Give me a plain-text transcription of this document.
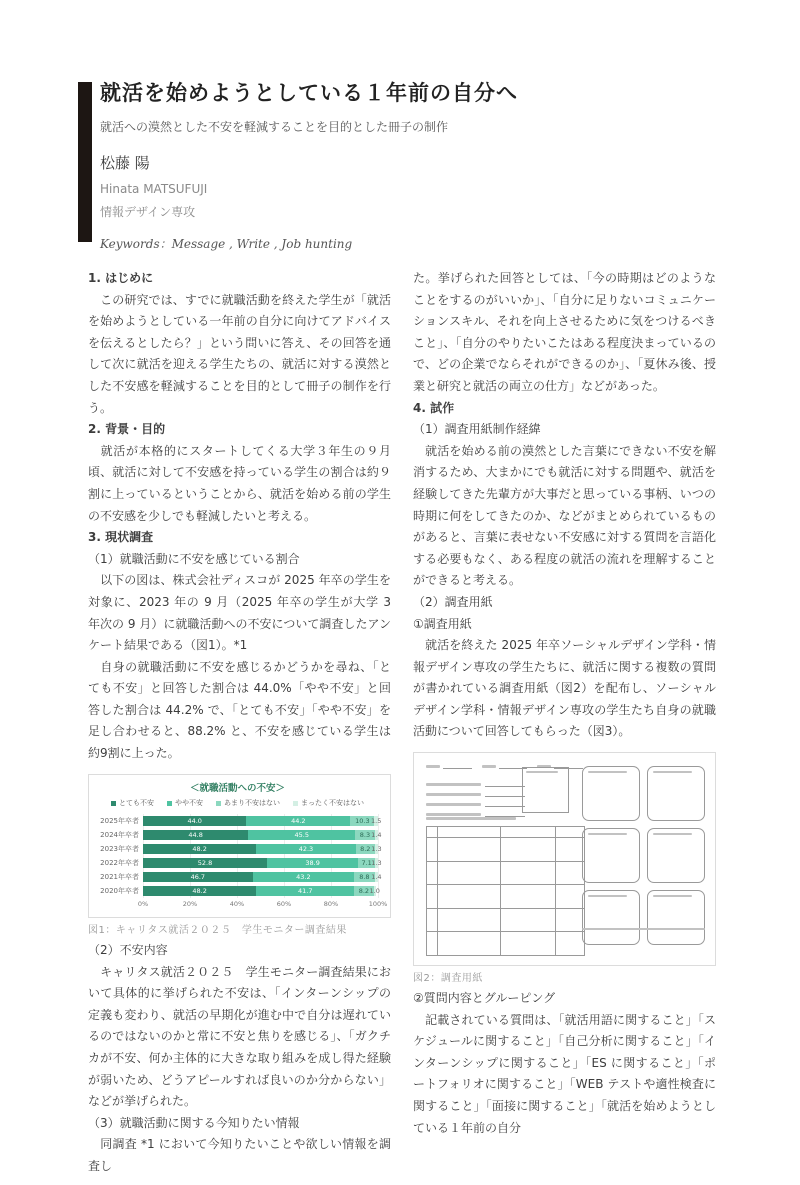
就活を始めようとしている１年前の自分へ
就活への漠然とした不安を軽減することを目的とした冊子の制作
松藤 陽
Hinata MATSUFUJI
情報デザイン専攻
Keywords：Message , Write , Job hunting

1. はじめに

　この研究では、すでに就職活動を終えた学生が「就活を始めようとしている一年前の自分に向けてアドバイスを伝えるとしたら？」という問いに答え、その回答を通して次に就活を迎える学生たちの、就活に対する漠然とした不安感を軽減することを目的として冊子の制作を行う。

2. 背景・目的

　就活が本格的にスタートしてくる大学３年生の９月頃、就活に対して不安感を持っている学生の割合は約９割に上っているということから、就活を始める前の学生の不安感を少しでも軽減したいと考える。

3. 現状調査

（1）就職活動に不安を感じている割合

　以下の図は、株式会社ディスコが 2025 年卒の学生を対象に、2023 年の 9 月（2025 年卒の学生が大学 3 年次の 9 月）に就職活動への不安について調査したアンケート結果である（図1）。*1

　自身の就職活動に不安を感じるかどうかを尋ね、「とても不安」と回答した割合は 44.0%「やや不安」と回答した割合は 44.2% で、「とても不安」「やや不安」を足し合わせると、88.2% と、不安を感じている学生は約9割に上った。

＜就職活動への不安＞
とても不安	やや不安	あまり不安はない	まったく不安はない
2025年卒者	44.0	44.2	10.3 1.5
2024年卒者	44.8	45.5	8.3 1.4
2023年卒者	48.2	42.3	8.2 1.3
2022年卒者	52.8	38.9	7.1 1.3
2021年卒者	46.7	43.2	8.8 1.4
2020年卒者	48.2	41.7	8.2 1.0
0%	20%	40%	60%	80%	100%
図1：キャリタス就活２０２５　学生モニター調査結果

（2）不安内容

　キャリタス就活２０２５　学生モニター調査結果において具体的に挙げられた不安は、「インターンシップの定義も変わり、就活の早期化が進む中で自分は遅れているのではないのかと常に不安と焦りを感じる」、「ガクチカが不安、何か主体的に大きな取り組みを成し得た経験が弱いため、どうアピールすれば良いのか分からない」などが挙げられた。

（3）就職活動に関する今知りたい情報

　同調査 *1 において今知りたいことや欲しい情報を調査し

た。挙げられた回答としては、「今の時期はどのようなことをするのがいいか」、「自分に足りないコミュニケーションスキル、それを向上させるために気をつけるべきこと」、「自分のやりたいこたはある程度決まっているので、どの企業でならそれができるのか」、「夏休み後、授業と研究と就活の両立の仕方」などがあった。

4. 試作

（1）調査用紙制作経緯

　就活を始める前の漠然とした言葉にできない不安を解消するため、大まかにでも就活に対する問題や、就活を経験してきた先輩方が大事だと思っている事柄、いつの時期に何をしてきたのか、などがまとめられているものがあると、言葉に表せない不安感に対する質問を言語化する必要もなく、ある程度の就活の流れを理解することができると考える。

（2）調査用紙

①調査用紙

　就活を終えた 2025 年卒ソーシャルデザイン学科・情報デザイン専攻の学生たちに、就活に関する複数の質問が書かれている調査用紙（図2）を配布し、ソーシャルデザイン学科・情報デザイン専攻の学生たち自身の就職活動について回答してもらった（図3）。

図2：調査用紙

②質問内容とグルーピング

　記載されている質問は、「就活用語に関すること」「スケジュールに関すること」「自己分析に関すること」「インターンシップに関すること」「ES に関すること」「ポートフォリオに関すること」「WEB テストや適性検査に関すること」「面接に関すること」「就活を始めようとしている１年前の自分
